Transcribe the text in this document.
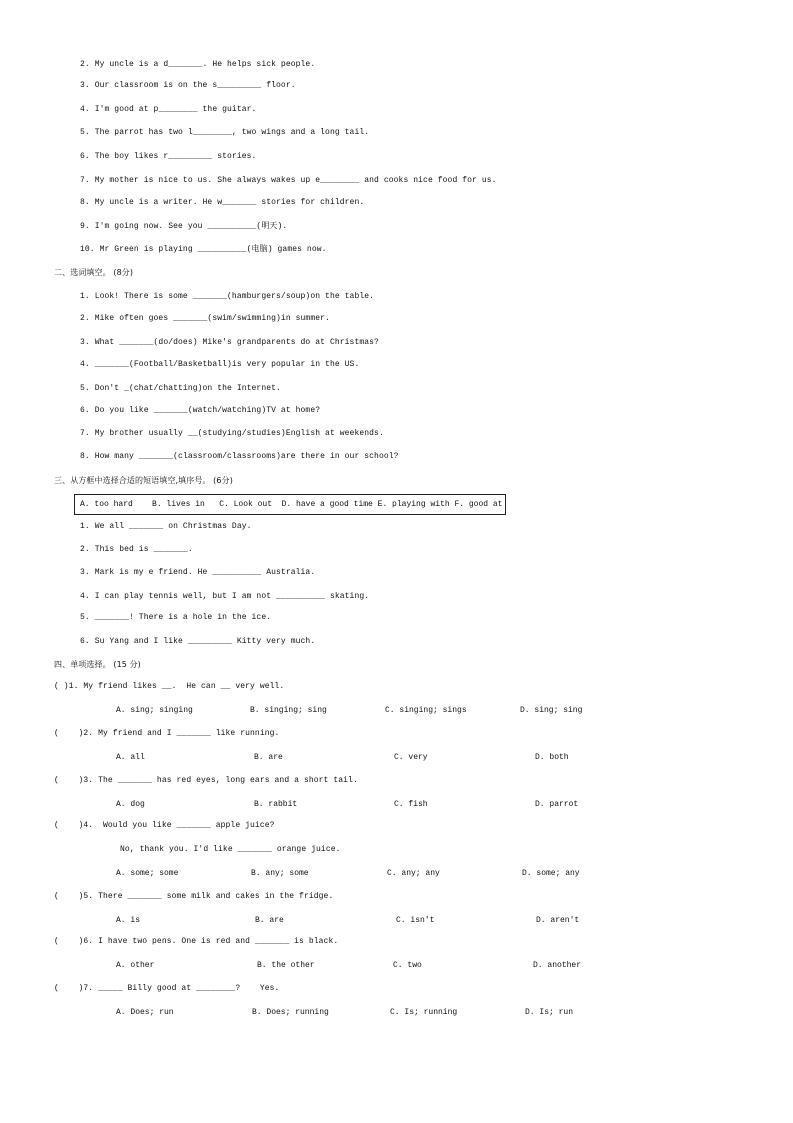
2. My uncle is a d_______. He helps sick people.
3. Our classroom is on the s_________ floor.
4. I'm good at p________ the guitar.
5. The parrot has two l________, two wings and a long tail.
6. The boy likes r_________ stories.
7. My mother is nice to us. She always wakes up e________ and cooks nice food for us.
8. My uncle is a writer. He w_______ stories for children.
9. I'm going now. See you __________(明天).
10. Mr Green is playing __________(电脑) games now.
二、选词填空。 (8分)
1. Look! There is some _______(hamburgers/soup)on the table.
2. Mike often goes _______(swim/swimming)in summer.
3. What _______(do/does) Mike's grandparents do at Christmas?
4. _______(Football/Basketball)is very popular in the US.
5. Don't _(chat/chatting)on the Internet.
6. Do you like _______(watch/watching)TV at home?
7. My brother usually __(studying/studies)English at weekends.
8. How many _______(classroom/classrooms)are there in our school?
三、从方框中选择合适的短语填空,填序号。 (6分)
A. too hard    B. lives in   C. Look out  D. have a good time E. playing with F. good at
1. We all _______ on Christmas Day.
2. This bed is _______.
3. Mark is my e friend. He __________ Australia.
4. I can play tennis well, but I am not __________ skating.
5. _______! There is a hole in the ice.
6. Su Yang and I like _________ Kitty very much.
四、单项选择。 (15 分)
( )1. My friend likes __.  He can __ very well.
A. sing; singing	B. singing; sing	C. singing; sings	D. sing; sing
(    )2. My friend and I _______ like running.
A. all	B. are	C. very	D. both
(    )3. The _______ has red eyes, long ears and a short tail.
A. dog	B. rabbit	C. fish	D. parrot
(    )4.  Would you like _______ apple juice?
No, thank you. I'd like _______ orange juice.
A. some; some	B. any; some	C. any; any	D. some; any
(    )5. There _______ some milk and cakes in the fridge.
A. is	B. are	C. isn't	D. aren't
(    )6. I have two pens. One is red and _______ is black.
A. other	B. the other	C. two	D. another
(    )7. _____ Billy good at ________?    Yes.
A. Does; run	B. Does; running	C. Is; running	D. Is; run
